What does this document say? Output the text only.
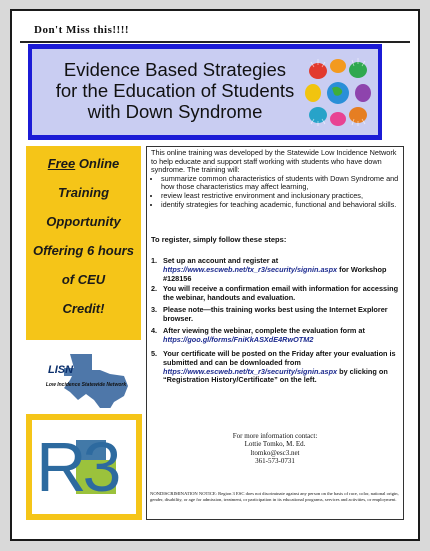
Don't Miss this!!!!
Evidence Based Strategies
for the Education of Students
with Down Syndrome
Free Online
Training
Opportunity
Offering 6 hours
of CEU
Credit!
LISN
Low Incidence Statewide Network
R3
This online training was developed by the Statewide Low Incidence Network to help educate and support staff working with students who have down syndrome. The training will:
• summarize common characteristics of students with Down Syndrome and how those characteristics may affect learning,
• review least restrictive environment and inclusionary practices,
• identify strategies for teaching academic, functional and behavioral skills.
To register, simply follow these steps:
1. Set up an account and register at
https://www.escweb.net/tx_r3/security/signin.aspx for Workshop #128156
2. You will receive a confirmation email with information for accessing the webinar, handouts and evaluation.
3. Please note—this training works best using the Internet Explorer browser.
4. After viewing the webinar, complete the evaluation form at
https://goo.gl/forms/FniKkASXdE4RwOTM2
5. Your certificate will be posted on the Friday after your evaluation is submitted and can be downloaded from https://www.escweb.net/tx_r3/security/signin.aspx by clicking on “Registration History/Certificate” on the left.
For more information contact:
Lottie Tomko, M. Ed.
ltomko@esc3.net
361-573-0731
NONDISCRIMINATION NOTICE: Region 3 ESC does not discriminate against any person on the basis of race, color, national origin, gender, disability, or age for admission, treatment, or participation in its educational programs, services and activities, or employment.
